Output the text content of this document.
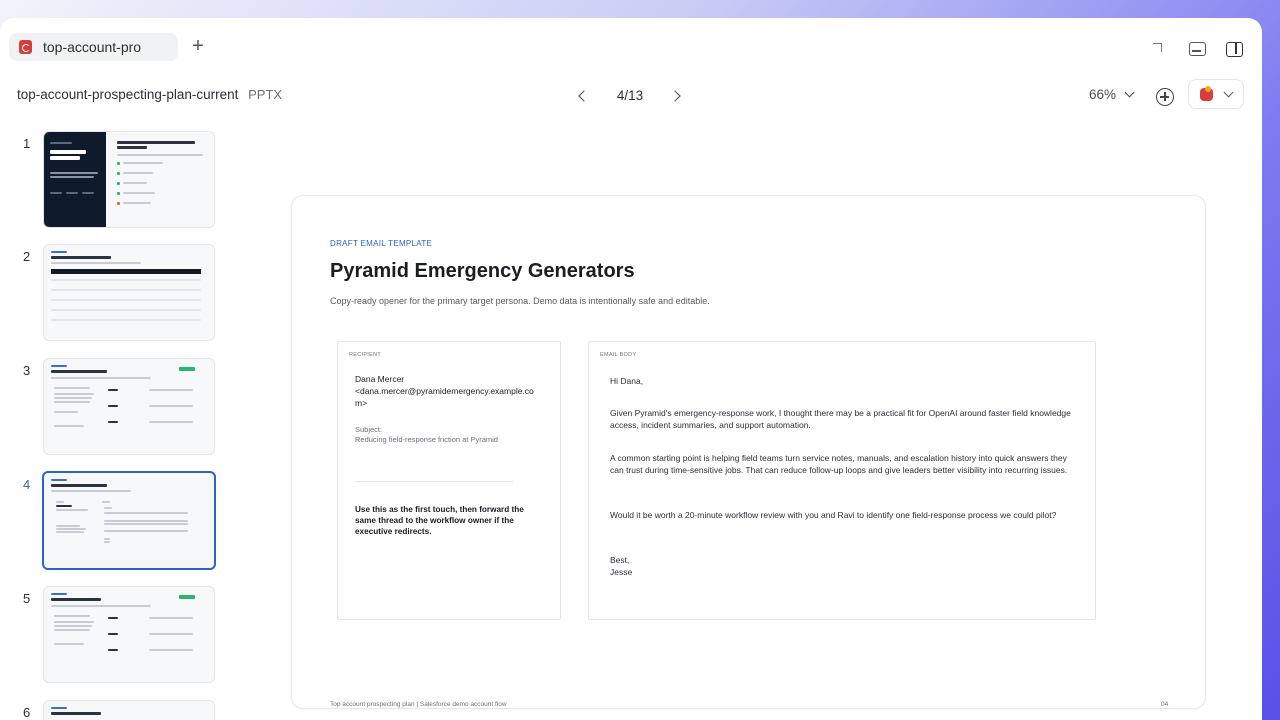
top-account-pro	+
top-account-prospecting-plan-current PPTX	4/13	66%
1
2
3
4
5
6
DRAFT EMAIL TEMPLATE
Pyramid Emergency Generators
Copy-ready opener for the primary target persona. Demo data is intentionally safe and editable.
RECIPIENT
Dana Mercer
<dana.mercer@pyramidemergency.example.com>
Subject:
Reducing field-response friction at Pyramid
Use this as the first touch, then forward the same thread to the workflow owner if the executive redirects.
EMAIL BODY
Hi Dana,
Given Pyramid's emergency-response work, I thought there may be a practical fit for OpenAI around faster field knowledge access, incident summaries, and support automation.
A common starting point is helping field teams turn service notes, manuals, and escalation history into quick answers they can trust during time-sensitive jobs. That can reduce follow-up loops and give leaders better visibility into recurring issues.
Would it be worth a 20-minute workflow review with you and Ravi to identify one field-response process we could pilot?
Best,
Jesse
Top account prospecting plan | Salesforce demo account flow	04
